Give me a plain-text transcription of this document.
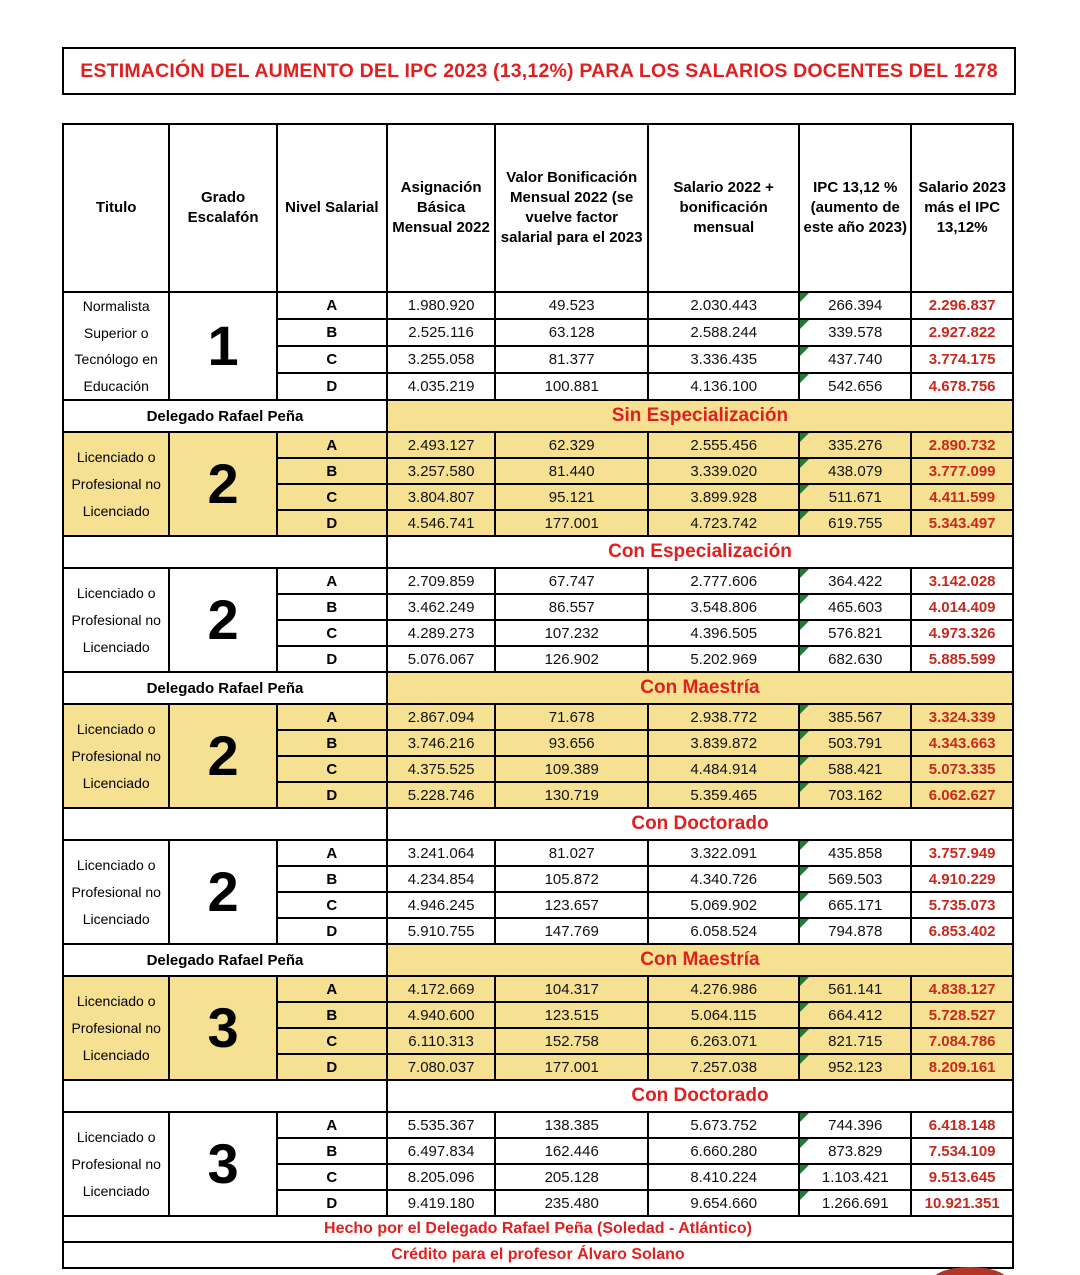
ESTIMACIÓN DEL AUMENTO DEL IPC 2023 (13,12%) PARA LOS SALARIOS DOCENTES DEL 1278
Titulo	Grado Escalafón	Nivel Salarial	Asignación Básica Mensual 2022	Valor Bonificación Mensual 2022 (se vuelve factor salarial para el 2023	Salario 2022 + bonificación mensual	IPC 13,12 % (aumento de este año 2023)	Salario 2023 más el IPC 13,12%
Normalista Superior o Tecnólogo en Educación	1	A	1.980.920	49.523	2.030.443	266.394	2.296.837
		B	2.525.116	63.128	2.588.244	339.578	2.927.822
		C	3.255.058	81.377	3.336.435	437.740	3.774.175
		D	4.035.219	100.881	4.136.100	542.656	4.678.756
Delegado Rafael Peña			Sin Especialización				
Licenciado o Profesional no Licenciado	2	A	2.493.127	62.329	2.555.456	335.276	2.890.732
		B	3.257.580	81.440	3.339.020	438.079	3.777.099
		C	3.804.807	95.121	3.899.928	511.671	4.411.599
		D	4.546.741	177.001	4.723.742	619.755	5.343.497
			Con Especialización				
Licenciado o Profesional no Licenciado	2	A	2.709.859	67.747	2.777.606	364.422	3.142.028
		B	3.462.249	86.557	3.548.806	465.603	4.014.409
		C	4.289.273	107.232	4.396.505	576.821	4.973.326
		D	5.076.067	126.902	5.202.969	682.630	5.885.599
Delegado Rafael Peña			Con Maestría				
Licenciado o Profesional no Licenciado	2	A	2.867.094	71.678	2.938.772	385.567	3.324.339
		B	3.746.216	93.656	3.839.872	503.791	4.343.663
		C	4.375.525	109.389	4.484.914	588.421	5.073.335
		D	5.228.746	130.719	5.359.465	703.162	6.062.627
			Con Doctorado				
Licenciado o Profesional no Licenciado	2	A	3.241.064	81.027	3.322.091	435.858	3.757.949
		B	4.234.854	105.872	4.340.726	569.503	4.910.229
		C	4.946.245	123.657	5.069.902	665.171	5.735.073
		D	5.910.755	147.769	6.058.524	794.878	6.853.402
Delegado Rafael Peña			Con Maestría				
Licenciado o Profesional no Licenciado	3	A	4.172.669	104.317	4.276.986	561.141	4.838.127
		B	4.940.600	123.515	5.064.115	664.412	5.728.527
		C	6.110.313	152.758	6.263.071	821.715	7.084.786
		D	7.080.037	177.001	7.257.038	952.123	8.209.161
			Con Doctorado				
Licenciado o Profesional no Licenciado	3	A	5.535.367	138.385	5.673.752	744.396	6.418.148
		B	6.497.834	162.446	6.660.280	873.829	7.534.109
		C	8.205.096	205.128	8.410.224	1.103.421	9.513.645
		D	9.419.180	235.480	9.654.660	1.266.691	10.921.351
Hecho por el Delegado Rafael Peña (Soledad - Atlántico)							
Crédito para el profesor Álvaro Solano							
